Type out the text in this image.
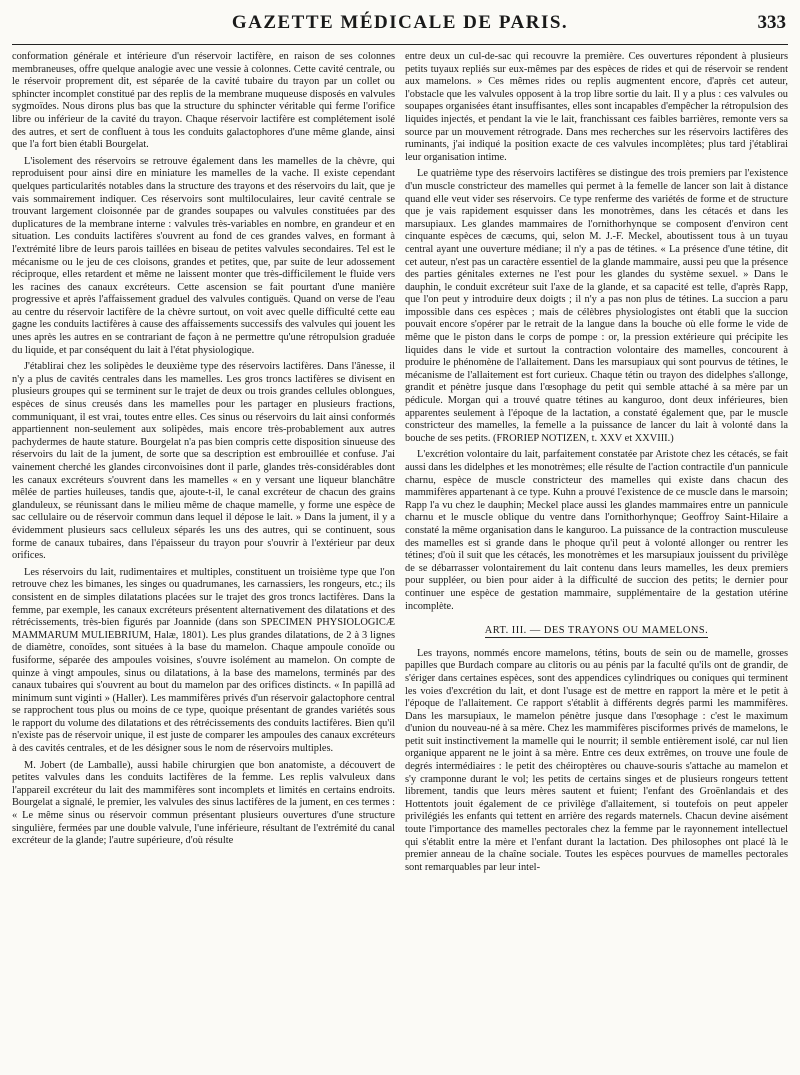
GAZETTE MÉDICALE DE PARIS.	333

conformation générale et intérieure d'un réservoir lactifère, en raison de ses colonnes membraneuses, offre quelque analogie avec une vessie à colonnes. Cette cavité centrale, ou le réservoir proprement dit, est séparée de la cavité tubaire du trayon par un collet ou sphincter incomplet constitué par des replis de la membrane muqueuse disposés en valvules sygmoïdes. Nous dirons plus bas que la structure du sphincter véritable qui ferme l'orifice libre ou inférieur de la cavité du trayon. Chaque réservoir lactifère est complétement isolé des autres, et sert de confluent à tous les conduits galactophores d'une même glande, ainsi que l'a fort bien établi Bourgelat.

L'isolement des réservoirs se retrouve également dans les mamelles de la chèvre, qui reproduisent pour ainsi dire en miniature les mamelles de la vache. Il existe cependant quelques particularités notables dans la structure des trayons et des réservoirs du lait, que je vais sommairement indiquer. Ces réservoirs sont multiloculaires, leur cavité centrale se trouvant largement cloisonnée par de grandes soupapes ou valvules constituées par des duplicatures de la membrane interne : valvules très-variables en nombre, en grandeur et en situation. Les conduits lactifères s'ouvrent au fond de ces grandes valves, en formant à l'extrémité libre de leurs parois taillées en biseau de petites valvules secondaires. Tel est le mécanisme ou le jeu de ces cloisons, grandes et petites, que, par suite de leur adossement réciproque, elles retardent et même ne laissent monter que très-difficilement le fluide vers les racines des canaux excréteurs. Cette ascension se fait pourtant d'une manière progressive et après l'affaissement graduel des valvules contiguës. Quand on verse de l'eau au centre du réservoir lactifère de la chèvre surtout, on voit avec quelle difficulté cette eau gagne les conduits lactifères à cause des affaissements successifs des valvules qui jouent les unes après les autres en se contrariant de façon à ne permettre qu'une rétropulsion graduée du liquide, et par conséquent du lait à l'état physiologique.

J'établirai chez les solipèdes le deuxième type des réservoirs lactifères. Dans l'ânesse, il n'y a plus de cavités centrales dans les mamelles. Les gros troncs lactifères se divisent en plusieurs groupes qui se terminent sur le trajet de deux ou trois grandes cellules oblongues, espèces de sinus creusés dans les mamelles pour les partager en plusieurs fractions, communiquant, il est vrai, toutes entre elles. Ces sinus ou réservoirs du lait ainsi conformés appartiennent non-seulement aux solipèdes, mais encore très-probablement aux autres pachydermes de haute stature. Bourgelat n'a pas bien compris cette disposition sinueuse des réservoirs du lait de la jument, de sorte que sa description est embrouillée et confuse. J'ai vainement cherché les glandes circonvoisines dont il parle, glandes très-considérables dont les canaux excréteurs s'ouvrent dans les mamelles « en y versant une liqueur blanchâtre mêlée de parties huileuses, tandis que, ajoute-t-il, le canal excréteur de chacun des grains glanduleux, se réunissant dans le milieu même de chaque mamelle, y forme une espèce de sac cellulaire ou de réservoir commun dans lequel il dépose le lait. » Dans la jument, il y a évidemment plusieurs sacs celluleux séparés les uns des autres, qui se continuent, sous forme de canaux tubaires, dans l'épaisseur du trayon pour s'ouvrir à l'extérieur par deux orifices.

Les réservoirs du lait, rudimentaires et multiples, constituent un troisième type que l'on retrouve chez les bimanes, les singes ou quadrumanes, les carnassiers, les rongeurs, etc.; ils consistent en de simples dilatations placées sur le trajet des gros troncs lactifères. Dans la femme, par exemple, les canaux excréteurs présentent alternativement des dilatations et des rétrécissements, très-bien figurés par Joannide (dans son SPECIMEN PHYSIOLOGICÆ MAMMARUM MULIEBRIUM, Halæ, 1801). Les plus grandes dilatations, de 2 à 3 lignes de diamètre, conoïdes, sont situées à la base du mamelon. Chaque ampoule conoïde ou fusiforme, séparée des ampoules voisines, s'ouvre isolément au mamelon. On compte de quinze à vingt ampoules, sinus ou dilatations, à la base des mamelons, terminés par des canaux tubaires qui s'ouvrent au bout du mamelon par des orifices distincts. « In papillâ ad minimum sunt viginti » (Haller). Les mammifères privés d'un réservoir galactophore central se rapprochent tous plus ou moins de ce type, quoique présentant de grandes variétés sous le rapport du volume des dilatations et des rétrécissements des conduits lactifères. Bien qu'il n'existe pas de réservoir unique, il est juste de comparer les ampoules des canaux excréteurs à des cavités centrales, et de les désigner sous le nom de réservoirs multiples.

M. Jobert (de Lamballe), aussi habile chirurgien que bon anatomiste, a découvert de petites valvules dans les conduits lactifères de la femme. Les replis valvuleux dans l'appareil excréteur du lait des mammifères sont incomplets et limités en certains endroits. Bourgelat a signalé, le premier, les valvules des sinus lactifères de la jument, en ces termes : « Le même sinus ou réservoir commun présentant plusieurs ouvertures d'une structure singulière, fermées par une double valvule, l'une inférieure, résultant de l'extrémité du canal excréteur de la glande; l'autre supérieure, d'où résulte

entre deux un cul-de-sac qui recouvre la première. Ces ouvertures répondent à plusieurs petits tuyaux repliés sur eux-mêmes par des espèces de rides et qui de réservoir se rendent aux mamelons. » Ces mêmes rides ou replis augmentent encore, d'après cet auteur, l'obstacle que les valvules opposent à la trop libre sortie du lait. Il y a plus : ces valvules ou soupapes organisées étant insuffisantes, elles sont incapables d'empêcher la rétropulsion des liquides injectés, et pendant la vie le lait, franchissant ces faibles barrières, remonte vers sa source par un mouvement rétrograde. Dans mes recherches sur les réservoirs lactifères des ruminants, j'ai indiqué la position exacte de ces valvules incomplètes; plus tard j'établirai leur organisation intime.

Le quatrième type des réservoirs lactifères se distingue des trois premiers par l'existence d'un muscle constricteur des mamelles qui permet à la femelle de lancer son lait à distance quand elle veut vider ses réservoirs. Ce type renferme des variétés de forme et de structure que je vais rapidement esquisser dans les monotrèmes, dans les cétacés et dans les marsupiaux. Les glandes mammaires de l'ornithorhynque se composent d'environ cent cinquante espèces de cæcums, qui, selon M. J.-F. Meckel, aboutissent tous à un tuyau central ayant une ouverture médiane; il n'y a pas de tétines. « La présence d'une tétine, dit cet auteur, n'est pas un caractère essentiel de la glande mammaire, aussi peu que la présence des parties génitales externes ne l'est pour les glandes du système sexuel. » Dans le dauphin, le conduit excréteur suit l'axe de la glande, et sa capacité est telle, d'après Rapp, que l'on peut y introduire deux doigts ; il n'y a pas non plus de tétines. La succion a paru impossible dans ces espèces ; mais de célèbres physiologistes ont établi que la succion pouvait encore s'opérer par le retrait de la langue dans la bouche où elle forme le vide de même que le piston dans le corps de pompe : or, la pression extérieure qui précipite les liquides dans le vide et surtout la contraction volontaire des mamelles, concourent à produire le phénomène de l'allaitement. Dans les marsupiaux qui sont pourvus de tétines, le mécanisme de l'allaitement est fort curieux. Chaque tétin ou trayon des didelphes s'allonge, grandit et pénètre jusque dans l'œsophage du petit qui semble attaché à sa mère par un pédicule. Morgan qui a trouvé quatre tétines au kanguroo, dont deux inférieures, bien apparentes seulement à l'époque de la lactation, a constaté également que, par le muscle constricteur des mamelles, la femelle a la puissance de lancer du lait à volonté dans la bouche de ses petits. (FRORIEP NOTIZEN, t. XXV et XXVIII.)

L'excrétion volontaire du lait, parfaitement constatée par Aristote chez les cétacés, se fait aussi dans les didelphes et les monotrèmes; elle résulte de l'action contractile d'un pannicule charnu, espèce de muscle constricteur des mamelles qui existe dans chacun des mammifères appartenant à ce type. Kuhn a prouvé l'existence de ce muscle dans le marsoin; Rapp l'a vu chez le dauphin; Meckel place aussi les glandes mammaires entre un pannicule charnu et le muscle oblique du ventre dans l'ornithorhynque; Geoffroy Saint-Hilaire a constaté la même organisation dans le kanguroo. La puissance de la contraction musculeuse des mamelles est si grande dans le phoque qu'il peut à volonté allonger ou rentrer les tétines; d'où il suit que les cétacés, les monotrèmes et les marsupiaux jouissent du privilège de se débarrasser volontairement du lait contenu dans leurs mamelles, les deux premiers pour suppléer, ou bien pour aider à la difficulté de succion des petits; le dernier pour continuer une espèce de gestation mammaire, supplémentaire de la gestation utérine incomplète.

ART. III. — DES TRAYONS OU MAMELONS.

Les trayons, nommés encore mamelons, tétins, bouts de sein ou de mamelle, grosses papilles que Burdach compare au clitoris ou au pénis par la faculté qu'ils ont de grandir, de s'ériger dans certaines espèces, sont des appendices cylindriques ou coniques qui terminent les voies d'excrétion du lait, et dont l'usage est de mettre en rapport la mère et le petit à l'époque de l'allaitement. Ce rapport s'établit à différents degrés parmi les mammifères. Dans les marsupiaux, le mamelon pénètre jusque dans l'œsophage : c'est le maximum d'union du nouveau-né à sa mère. Chez les mammifères pisciformes privés de mamelons, le petit suit instinctivement la mamelle qui le nourrit; il semble entièrement isolé, car nul lien organique apparent ne le joint à sa mère. Entre ces deux extrêmes, on trouve une foule de degrés intermédiaires : le petit des chéiroptères ou chauve-souris s'attache au mamelon et s'y cramponne durant le vol; les petits de certains singes et de plusieurs rongeurs tettent librement, tandis que leurs mères sautent et fuient; l'enfant des Groënlandais et des Hottentots jouit également de ce privilège d'allaitement, si toutefois on peut appeler privilégiés les enfants qui tettent en arrière des regards maternels. Chacun devine aisément toute l'importance des mamelles pectorales chez la femme par le rayonnement intellectuel qui s'établit entre la mère et l'enfant durant la lactation. Des philosophes ont placé là le premier anneau de la chaîne sociale. Toutes les espèces pourvues de mamelles pectorales sont remarquables par leur intel-
